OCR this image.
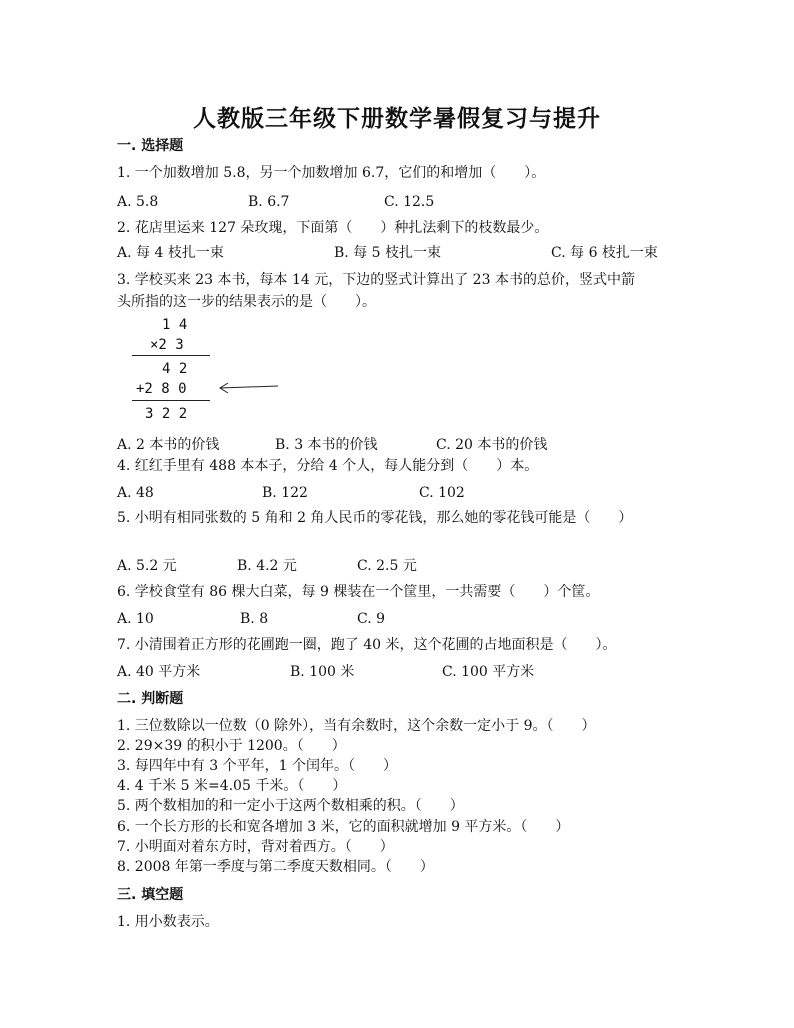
人教版三年级下册数学暑假复习与提升
一. 选择题
1. 一个加数增加 5.8，另一个加数增加 6.7，它们的和增加（　　）。
A. 5.8	B. 6.7	C. 12.5
2. 花店里运来 127 朵玫瑰，下面第（　　）种扎法剩下的枝数最少。
A. 每 4 枝扎一束	B. 每 5 枝扎一束	C. 每 6 枝扎一束
3. 学校买来 23 本书，每本 14 元，下边的竖式计算出了 23 本书的总价，竖式中箭
头所指的这一步的结果表示的是（　　）。
1 4
×2 3
4 2
+2 8 0
3 2 2
A. 2 本书的价钱	B. 3 本书的价钱	C. 20 本书的价钱
4. 红红手里有 488 本本子，分给 4 个人，每人能分到（　　）本。
A. 48	B. 122	C. 102
5. 小明有相同张数的 5 角和 2 角人民币的零花钱，那么她的零花钱可能是（　　）
A. 5.2 元	B. 4.2 元	C. 2.5 元
6. 学校食堂有 86 棵大白菜，每 9 棵装在一个筐里，一共需要（　　）个筐。
A. 10	B. 8	C. 9
7. 小清围着正方形的花圃跑一圈，跑了 40 米，这个花圃的占地面积是（　　）。
A. 40 平方米	B. 100 米	C. 100 平方米
二. 判断题
1. 三位数除以一位数（0 除外），当有余数时，这个余数一定小于 9。（　　）
2. 29×39 的积小于 1200。（　　）
3. 每四年中有 3 个平年，1 个闰年。（　　）
4. 4 千米 5 米=4.05 千米。（　　）
5. 两个数相加的和一定小于这两个数相乘的积。（　　）
6. 一个长方形的长和宽各增加 3 米，它的面积就增加 9 平方米。（　　）
7. 小明面对着东方时，背对着西方。（　　）
8. 2008 年第一季度与第二季度天数相同。（　　）
三. 填空题
1. 用小数表示。
